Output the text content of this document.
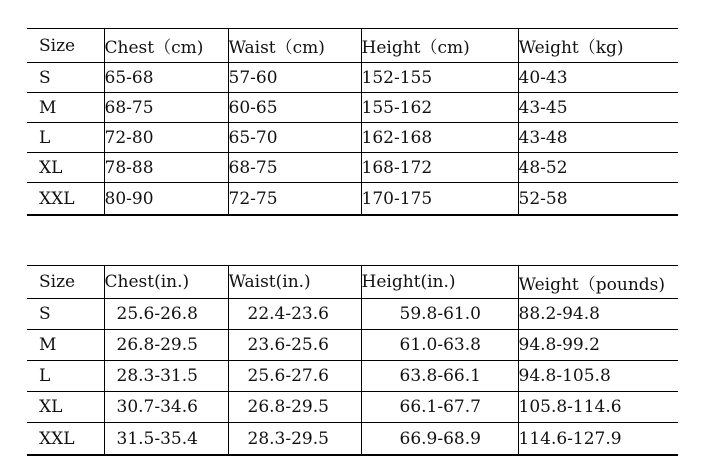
Size	Chest（cm)	Waist（cm)	Height（cm)	Weight（kg)
S	65-68	57-60	152-155	40-43
M	68-75	60-65	155-162	43-45
L	72-80	65-70	162-168	43-48
XL	78-88	68-75	168-172	48-52
XXL	80-90	72-75	170-175	52-58
Size	Chest(in.)	Waist(in.)	Height(in.)	Weight（pounds)
S	25.6-26.8	22.4-23.6	59.8-61.0	88.2-94.8
M	26.8-29.5	23.6-25.6	61.0-63.8	94.8-99.2
L	28.3-31.5	25.6-27.6	63.8-66.1	94.8-105.8
XL	30.7-34.6	26.8-29.5	66.1-67.7	105.8-114.6
XXL	31.5-35.4	28.3-29.5	66.9-68.9	114.6-127.9
